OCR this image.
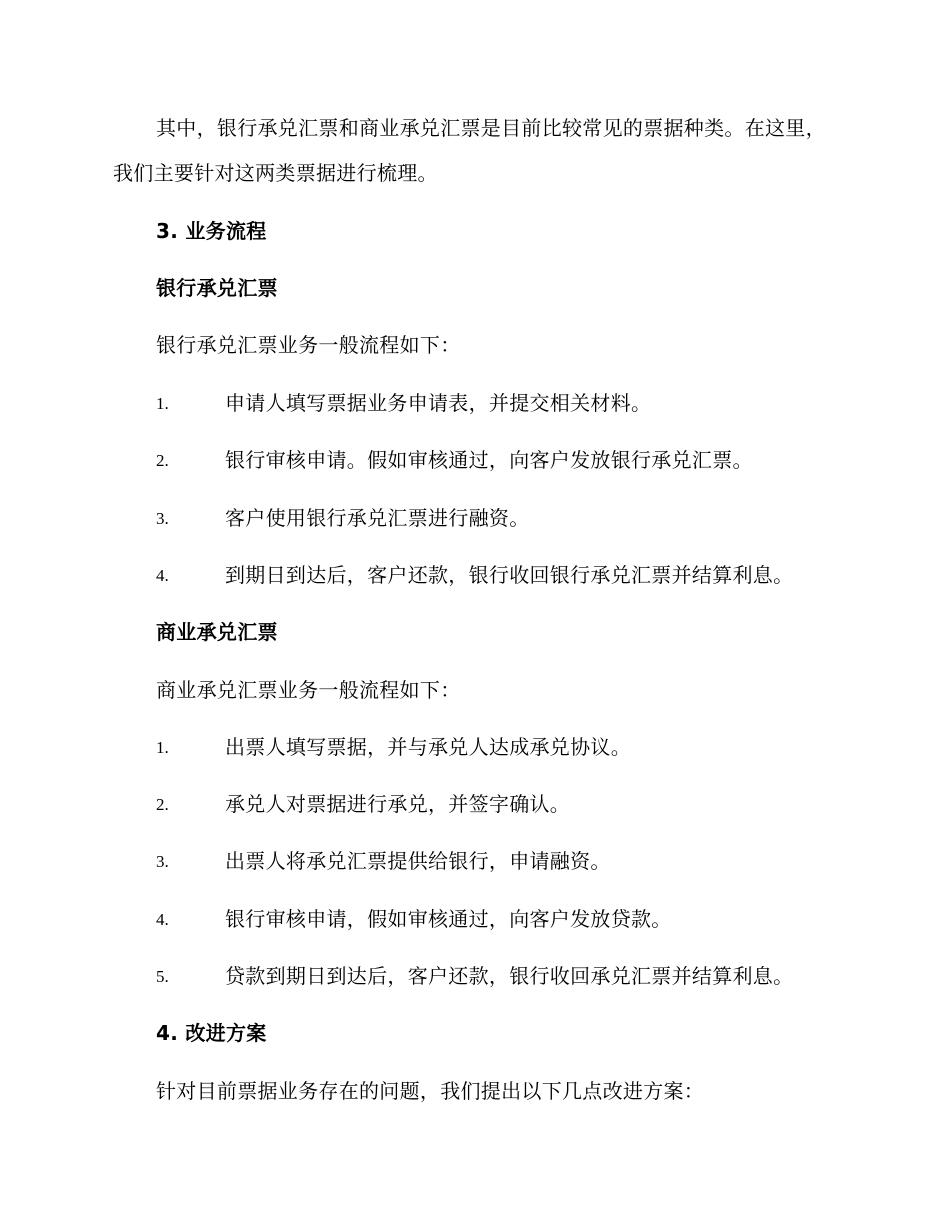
其中，银行承兑汇票和商业承兑汇票是目前比较常见的票据种类。在这里，我们主要针对这两类票据进行梳理。

3. 业务流程
银行承兑汇票
银行承兑汇票业务一般流程如下：
1.	申请人填写票据业务申请表，并提交相关材料。
2.	银行审核申请。假如审核通过，向客户发放银行承兑汇票。
3.	客户使用银行承兑汇票进行融资。
4.	到期日到达后，客户还款，银行收回银行承兑汇票并结算利息。
商业承兑汇票
商业承兑汇票业务一般流程如下：
1.	出票人填写票据，并与承兑人达成承兑协议。
2.	承兑人对票据进行承兑，并签字确认。
3.	出票人将承兑汇票提供给银行，申请融资。
4.	银行审核申请，假如审核通过，向客户发放贷款。
5.	贷款到期日到达后，客户还款，银行收回承兑汇票并结算利息。
4. 改进方案
针对目前票据业务存在的问题，我们提出以下几点改进方案：
